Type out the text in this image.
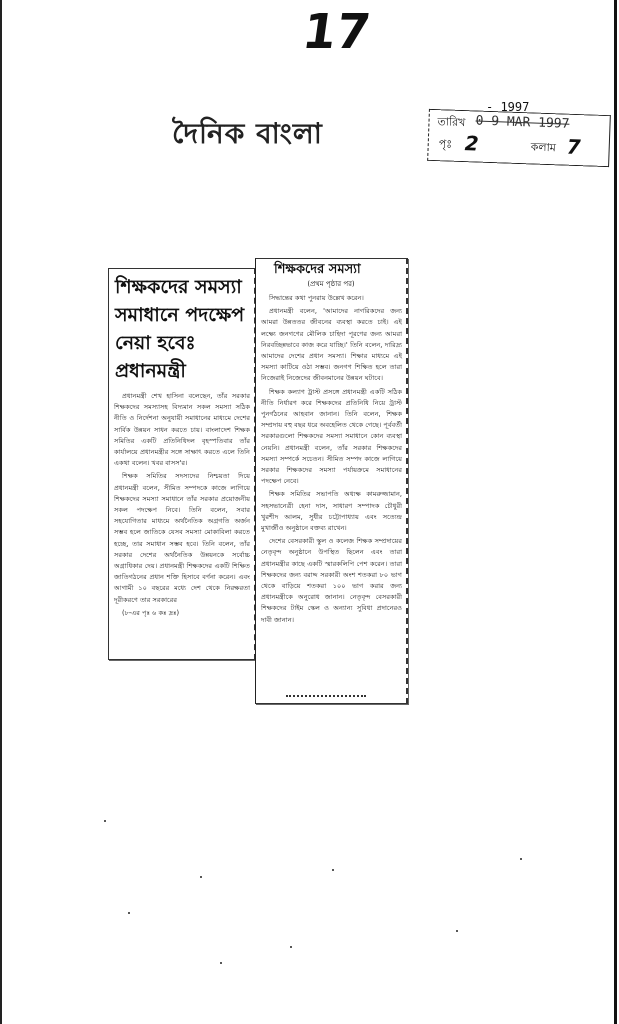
17
দৈনিক বাংলা
- 1997
তারিখ 0 9 MAR 1997
পৃঃ 2	কলাম 7
শিক্ষকদের সমস্যা সমাধানে পদক্ষেপ নেয়া হবেঃ প্রধানমন্ত্রী

প্রধানমন্ত্রী শেখ হাসিনা বলেছেন, তাঁর সরকার শিক্ষকদের সমস্যাসহ বিদ্যমান সকল সমস্যা সঠিক নীতি ও নির্দেশনা অনুযায়ী সমাধানের মাধ্যমে দেশের সার্বিক উন্নয়ন সাধন করতে চায়। বাংলাদেশ শিক্ষক সমিতির একটি প্রতিনিধিদল বৃহস্পতিবার তাঁর কার্যালয়ে প্রধানমন্ত্রীর সঙ্গে সাক্ষাৎ করতে এলে তিনি একথা বলেন। খবর বাসস'র।

শিক্ষক সমিতির সদস্যদের নিশ্চয়তা দিয়ে প্রধানমন্ত্রী বলেন, সীমিত সম্পদকে কাজে লাগিয়ে শিক্ষকদের সমস্যা সমাধানে তাঁর সরকার প্রয়োজনীয় সকল পদক্ষেপ নিবে। তিনি বলেন, সবার সহযোগিতার মাধ্যমে অর্থনৈতিক অগ্রগতি অর্জন সম্ভব হলে জাতিকে যেসব সমস্যা মোকাবিলা করতে হচ্ছে, তার সমাধান সম্ভব হবে। তিনি বলেন, তাঁর সরকার দেশের অর্থনৈতিক উন্নয়নকে সর্বোচ্চ অগ্রাধিকার দেয়। প্রধানমন্ত্রী শিক্ষকদের একটি শিক্ষিত জাতিগঠনের প্রধান শক্তি হিসাবে বর্ণনা করেন। এবং আগামী ১০ বছরের মধ্যে দেশ থেকে নিরক্ষরতা দূরীকরণে তার সরকারের

(৮-এর পৃঃ ৬ কঃ দ্রঃ)

শিক্ষকদের সমস্যা
(প্রথম পৃষ্ঠার পর)

সিদ্ধান্তের কথা পুনরায় উল্লেখ করেন।

প্রধানমন্ত্রী বলেন, 'আমাদের নাগরিকদের জন্য আমরা উন্নততর জীবনের ব্যবস্থা করতে চাই। এই লক্ষ্যে জনগণের মৌলিক চাহিদা পূরণের জন্য আমরা নিরবচ্ছিন্নভাবে কাজ করে যাচ্ছি।' তিনি বলেন, দারিদ্র্য আমাদের দেশের প্রধান সমস্যা। শিক্ষার মাধ্যমে এই সমস্যা কাটিয়ে ওঠা সম্ভব। জনগণ শিক্ষিত হলে তারা নিজেরাই নিজেদের জীবনমানের উন্নয়ন ঘটাবে।

শিক্ষক কল্যাণ ট্রাস্ট প্রসঙ্গে প্রধানমন্ত্রী একটি সঠিক নীতি নির্ধারণ করে শিক্ষকদের প্রতিনিধি নিয়ে ট্রাস্ট পুনর্গঠনের আহবান জানান। তিনি বলেন, শিক্ষক সম্প্রদায় বহু বছর ধরে অবহেলিত থেকে গেছে। পূর্ববর্তী সরকারগুলো শিক্ষকদের সমস্যা সমাধানে কোন ব্যবস্থা নেয়নি। প্রধানমন্ত্রী বলেন, তাঁর সরকার শিক্ষকদের সমস্যা সম্পর্কে সচেতন। সীমিত সম্পদ কাজে লাগিয়ে সরকার শিক্ষকদের সমস্যা পর্যায়ক্রমে সমাধানের পদক্ষেপ নেবে।

শিক্ষক সমিতির সভাপতি অধ্যক্ষ কামরুজ্জামান, সহসভানেত্রী হেনা দাস, সাধারণ সম্পাদক চৌধুরী খুরশীদ আলম, সুধীর চট্টোপাধ্যায় এবং সত্যেন্দ্র মুখার্জীও অনুষ্ঠানে বক্তব্য রাখেন।

দেশের বেসরকারী স্কুল ও কলেজ শিক্ষক সম্প্রদায়ের নেতৃবৃন্দ অনুষ্ঠানে উপস্থিত ছিলেন এবং তারা প্রধানমন্ত্রীর কাছে একটি স্মারকলিপি পেশ করেন। তারা শিক্ষকদের জন্য বরাদ্দ সরকারী অংশ শতকরা ৮০ ভাগ থেকে বাড়িয়ে শতকরা ১০০ ভাগ করার জন্য প্রধানমন্ত্রীকে অনুরোধ জানান। নেতৃবৃন্দ বেসরকারী শিক্ষকদের টাইম স্কেল ও অন্যান্য সুবিধা প্রদানেরও দাবী জানান।
